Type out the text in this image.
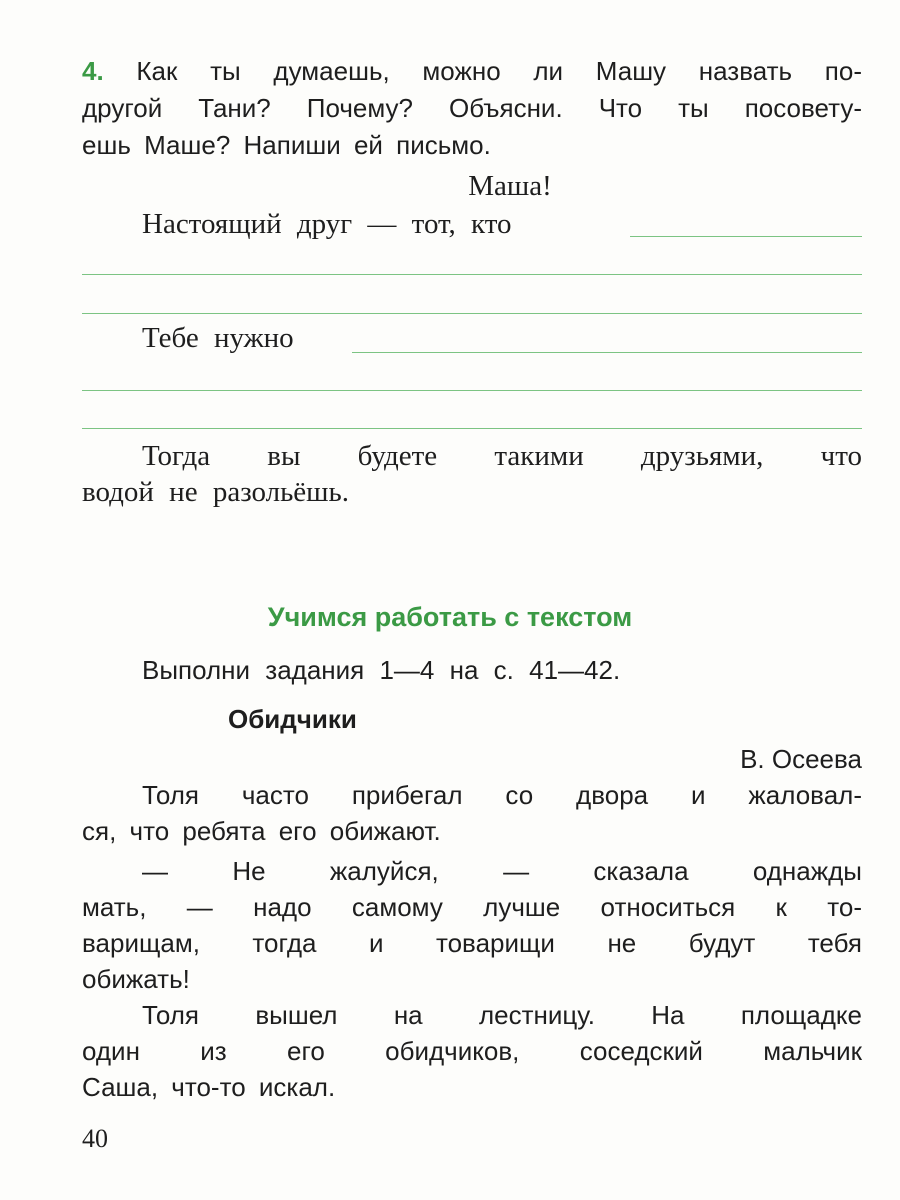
4. Как ты думаешь, можно ли Машу назвать по-
другой Тани? Почему? Объясни. Что ты посовету-
ешь Маше? Напиши ей письмо.
Маша!
Настоящий друг — тот, кто
Тебе нужно
Тогда вы будете такими друзьями, что
водой не разольёшь.
Учимся работать с текстом
Выполни задания 1—4 на с. 41—42.
Обидчики
В. Осеева
Толя часто прибегал со двора и жаловал-
ся, что ребята его обижают.
— Не жалуйся, — сказала однажды
мать, — надо самому лучше относиться к то-
варищам, тогда и товарищи не будут тебя
обижать!
Толя вышел на лестницу. На площадке
один из его обидчиков, соседский мальчик
Саша, что-то искал.
40
